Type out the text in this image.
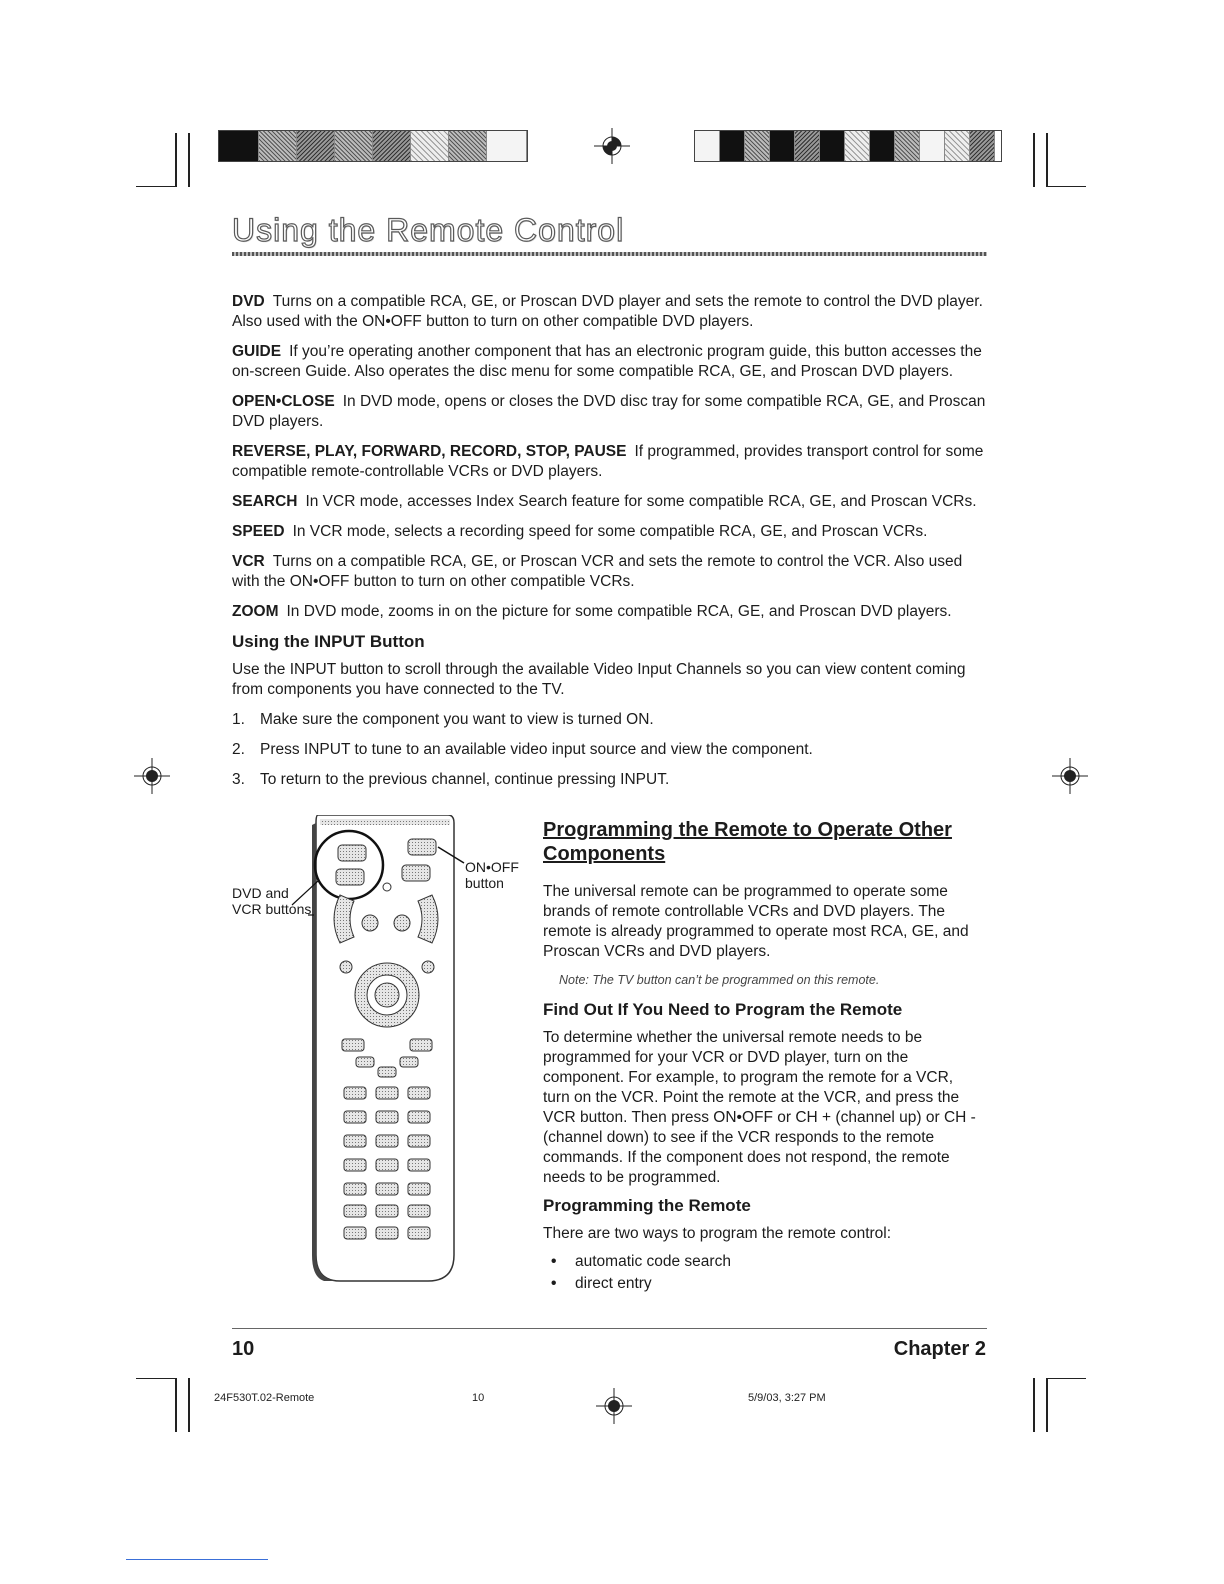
Using the Remote Control

DVD Turns on a compatible RCA, GE, or Proscan DVD player and sets the remote to control the DVD player. Also used with the ON•OFF button to turn on other compatible DVD players.

GUIDE If you’re operating another component that has an electronic program guide, this button accesses the on-screen Guide. Also operates the disc menu for some compatible RCA, GE, and Proscan DVD players.

OPEN•CLOSE In DVD mode, opens or closes the DVD disc tray for some compatible RCA, GE, and Proscan DVD players.

REVERSE, PLAY, FORWARD, RECORD, STOP, PAUSE If programmed, provides transport control for some compatible remote-controllable VCRs or DVD players.

SEARCH In VCR mode, accesses Index Search feature for some compatible RCA, GE, and Proscan VCRs.

SPEED In VCR mode, selects a recording speed for some compatible RCA, GE, and Proscan VCRs.

VCR Turns on a compatible RCA, GE, or Proscan VCR and sets the remote to control the VCR. Also used with the ON•OFF button to turn on other compatible VCRs.

ZOOM In DVD mode, zooms in on the picture for some compatible RCA, GE, and Proscan DVD players.

Using the INPUT Button

Use the INPUT button to scroll through the available Video Input Channels so you can view content coming from components you have connected to the TV.

1. Make sure the component you want to view is turned ON.
2. Press INPUT to tune to an available video input source and view the component.
3. To return to the previous channel, continue pressing INPUT.
DVD and
VCR buttons
ON•OFF
button
Programming the Remote to Operate Other Components

The universal remote can be programmed to operate some brands of remote controllable VCRs and DVD players. The remote is already programmed to operate most RCA, GE, and Proscan VCRs and DVD players.

Note: The TV button can’t be programmed on this remote.
Find Out If You Need to Program the Remote

To determine whether the universal remote needs to be programmed for your VCR or DVD player, turn on the component. For example, to program the remote for a VCR, turn on the VCR. Point the remote at the VCR, and press the VCR button. Then press ON•OFF or CH + (channel up) or CH - (channel down) to see if the VCR responds to the remote commands. If the component does not respond, the remote needs to be programmed.

Programming the Remote

There are two ways to program the remote control:

•	automatic code search
•	direct entry
10	Chapter 2
24F530T.02-Remote	10	5/9/03, 3:27 PM
